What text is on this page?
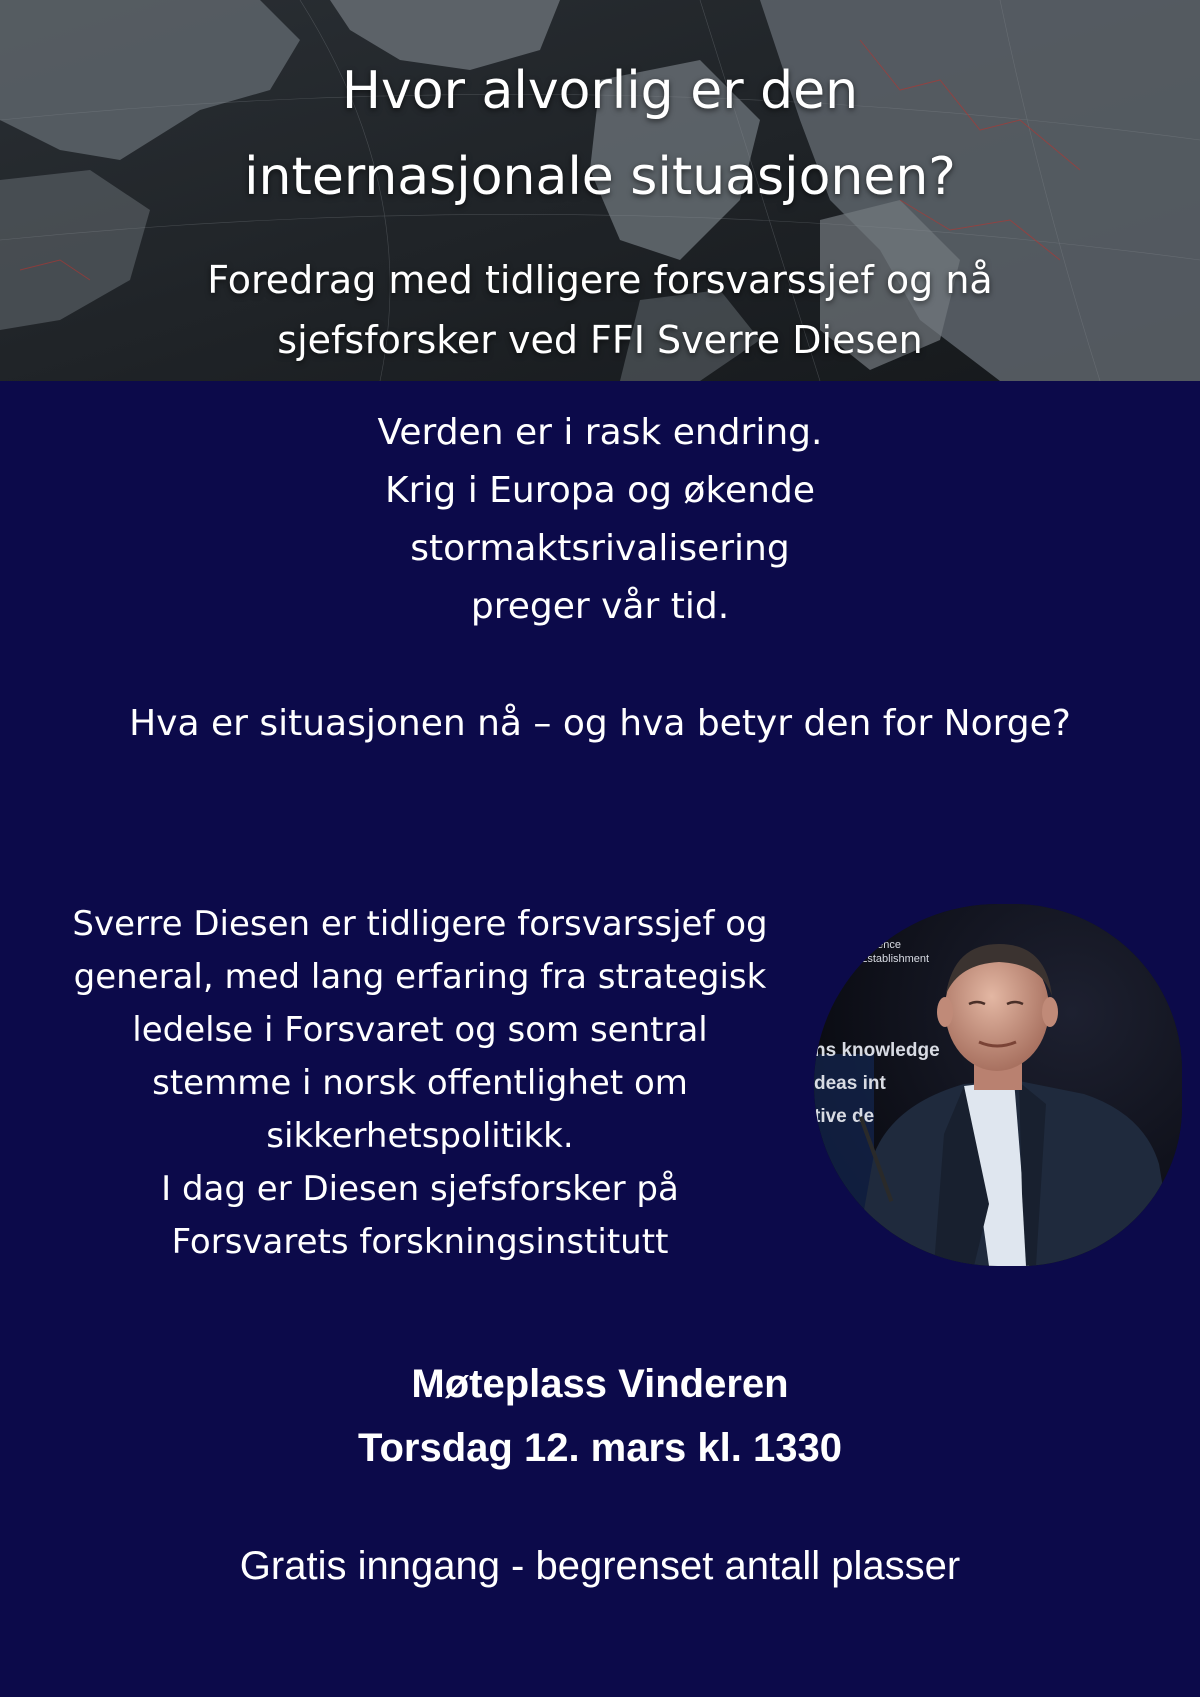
Hvor alvorlig er den
internasjonale situasjonen?
Foredrag med tidligere forsvarssjef og nå
sjefsforsker ved FFI Sverre Diesen
Verden er i rask endring.
Krig i Europa og økende
stormaktsrivalisering
preger vår tid.
Hva er situasjonen nå – og hva betyr den for Norge?
Sverre Diesen er tidligere forsvarssjef og
general, med lang erfaring fra strategisk
ledelse i Forsvaret og som sentral
stemme i norsk offentlighet om
sikkerhetspolitikk.
I dag er Diesen sjefsforsker på
Forsvarets forskningsinstitutt
Defence
Establishment
ns knowledge
deas int
tive de
Møteplass Vinderen
Torsdag 12. mars kl. 1330
Gratis inngang - begrenset antall plasser
